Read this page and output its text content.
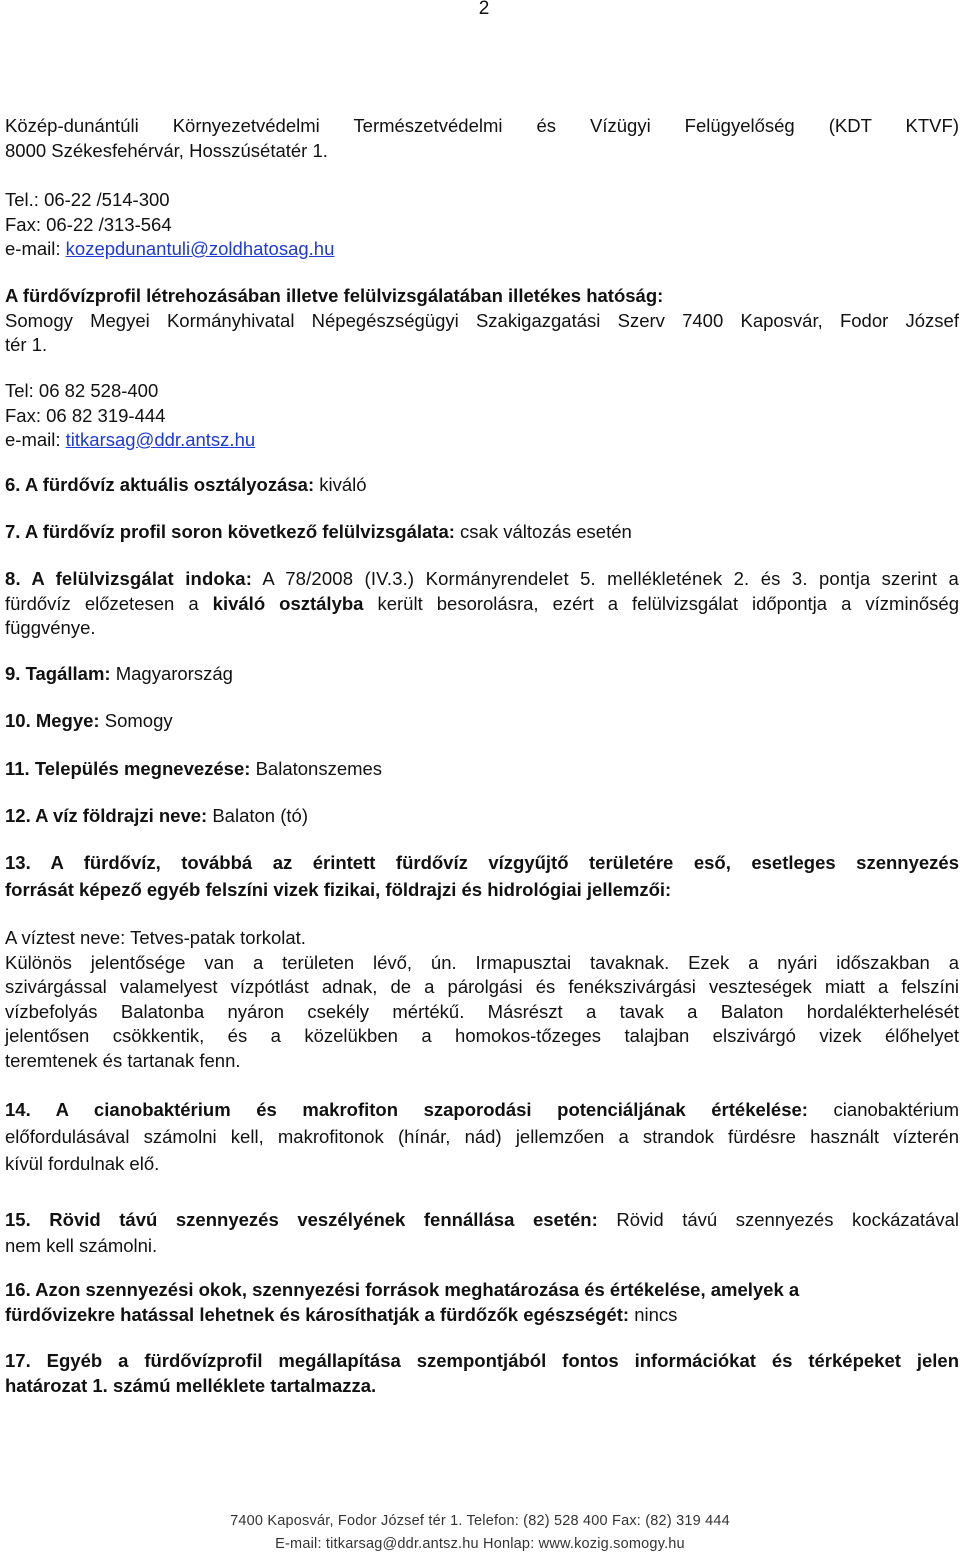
2
Közép-dunántúli Környezetvédelmi Természetvédelmi és Vízügyi Felügyelőség (KDT KTVF)
8000 Székesfehérvár, Hosszúsétatér 1.
Tel.: 06-22 /514-300
Fax: 06-22 /313-564
e-mail: kozepdunantuli@zoldhatosag.hu
A fürdővízprofil létrehozásában illetve felülvizsgálatában illetékes hatóság:
Somogy Megyei Kormányhivatal Népegészségügyi Szakigazgatási Szerv 7400 Kaposvár, Fodor József
tér 1.
Tel: 06 82 528-400
Fax: 06 82 319-444
e-mail: titkarsag@ddr.antsz.hu
6. A fürdővíz aktuális osztályozása: kiváló
7. A fürdővíz profil soron következő felülvizsgálata: csak változás esetén
8. A felülvizsgálat indoka: A 78/2008 (IV.3.) Kormányrendelet 5. mellékletének 2. és 3. pontja szerint a
fürdővíz előzetesen a kiváló osztályba került besorolásra, ezért a felülvizsgálat időpontja a vízminőség
függvénye.
9. Tagállam: Magyarország
10. Megye: Somogy
11. Település megnevezése: Balatonszemes
12. A víz földrajzi neve: Balaton (tó)
13. A fürdővíz, továbbá az érintett fürdővíz vízgyűjtő területére eső, esetleges szennyezés
forrását képező egyéb felszíni vizek fizikai, földrajzi és hidrológiai jellemzői:
A víztest neve: Tetves-patak torkolat.
Különös jelentősége van a területen lévő, ún. Irmapusztai tavaknak. Ezek a nyári időszakban a
szivárgással valamelyest vízpótlást adnak, de a párolgási és fenékszivárgási veszteségek miatt a felszíni
vízbefolyás Balatonba nyáron csekély mértékű. Másrészt a tavak a Balaton hordalékterhelését
jelentősen csökkentik, és a közelükben a homokos-tőzeges talajban elszivárgó vizek élőhelyet
teremtenek és tartanak fenn.
14. A cianobaktérium és makrofiton szaporodási potenciáljának értékelése: cianobaktérium
előfordulásával számolni kell, makrofitonok (hínár, nád) jellemzően a strandok fürdésre használt vízterén
kívül fordulnak elő.
15. Rövid távú szennyezés veszélyének fennállása esetén: Rövid távú szennyezés kockázatával
nem kell számolni.
16. Azon szennyezési okok, szennyezési források meghatározása és értékelése, amelyek a
fürdővizekre hatással lehetnek és károsíthatják a fürdőzők egészségét: nincs
17. Egyéb a fürdővízprofil megállapítása szempontjából fontos információkat és térképeket jelen
határozat 1. számú melléklete tartalmazza.
7400 Kaposvár, Fodor József tér 1. Telefon: (82) 528 400 Fax: (82) 319 444
E-mail: titkarsag@ddr.antsz.hu Honlap: www.kozig.somogy.hu
